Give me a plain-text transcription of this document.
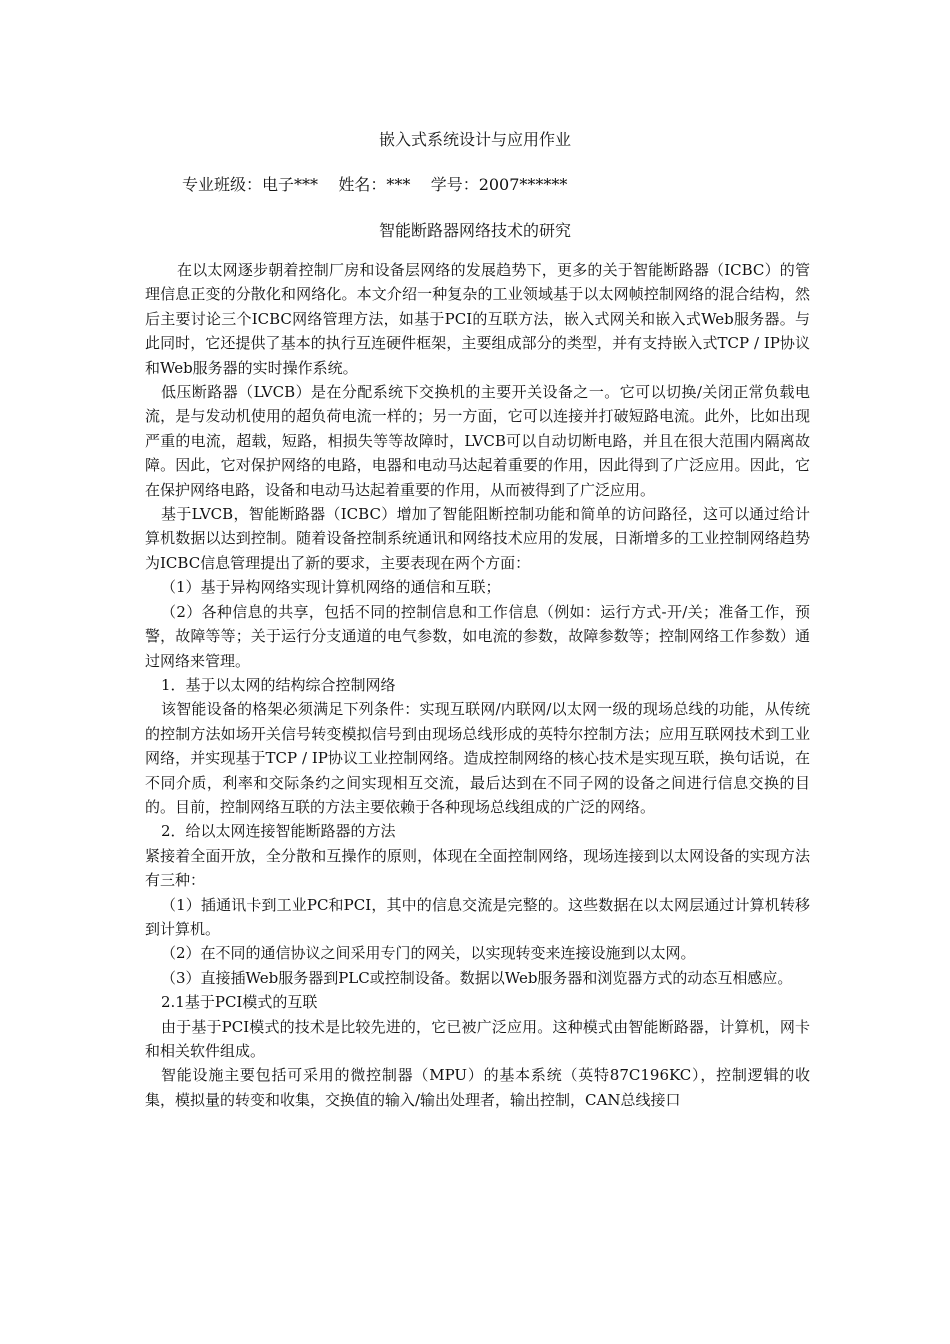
嵌入式系统设计与应用作业
专业班级：电子***    姓名：***    学号：2007******
智能断路器网络技术的研究

在以太网逐步朝着控制厂房和设备层网络的发展趋势下，更多的关于智能断路器（ICBC）的管理信息正变的分散化和网络化。本文介绍一种复杂的工业领域基于以太网帧控制网络的混合结构，然后主要讨论三个ICBC网络管理方法，如基于PCI的互联方法，嵌入式网关和嵌入式Web服务器。与此同时，它还提供了基本的执行互连硬件框架，主要组成部分的类型，并有支持嵌入式TCP / IP协议和Web服务器的实时操作系统。

低压断路器（LVCB）是在分配系统下交换机的主要开关设备之一。它可以切换/关闭正常负载电流，是与发动机使用的超负荷电流一样的；另一方面，它可以连接并打破短路电流。此外，比如出现严重的电流，超载，短路，相损失等等故障时，LVCB可以自动切断电路，并且在很大范围内隔离故障。因此，它对保护网络的电路，电器和电动马达起着重要的作用，因此得到了广泛应用。因此，它在保护网络电路，设备和电动马达起着重要的作用，从而被得到了广泛应用。

基于LVCB，智能断路器（ICBC）增加了智能阻断控制功能和简单的访问路径，这可以通过给计算机数据以达到控制。随着设备控制系统通讯和网络技术应用的发展，日渐增多的工业控制网络趋势为ICBC信息管理提出了新的要求，主要表现在两个方面：

（1）基于异构网络实现计算机网络的通信和互联；

（2）各种信息的共享，包括不同的控制信息和工作信息（例如：运行方式-开/关；准备工作，预警，故障等等；关于运行分支通道的电气参数，如电流的参数，故障参数等；控制网络工作参数）通过网络来管理。

1．基于以太网的结构综合控制网络

该智能设备的格架必须满足下列条件：实现互联网/内联网/以太网一级的现场总线的功能，从传统的控制方法如场开关信号转变模拟信号到由现场总线形成的英特尔控制方法；应用互联网技术到工业网络，并实现基于TCP / IP协议工业控制网络。造成控制网络的核心技术是实现互联，换句话说，在不同介质，利率和交际条约之间实现相互交流，最后达到在不同子网的设备之间进行信息交换的目的。目前，控制网络互联的方法主要依赖于各种现场总线组成的广泛的网络。

2．给以太网连接智能断路器的方法

紧接着全面开放，全分散和互操作的原则，体现在全面控制网络，现场连接到以太网设备的实现方法有三种：

（1）插通讯卡到工业PC和PCI，其中的信息交流是完整的。这些数据在以太网层通过计算机转移到计算机。

（2）在不同的通信协议之间采用专门的网关，以实现转变来连接设施到以太网。

（3）直接插Web服务器到PLC或控制设备。数据以Web服务器和浏览器方式的动态互相感应。

2.1基于PCI模式的互联

由于基于PCI模式的技术是比较先进的，它已被广泛应用。这种模式由智能断路器，计算机，网卡和相关软件组成。

智能设施主要包括可采用的微控制器（MPU）的基本系统（英特87C196KC），控制逻辑的收集，模拟量的转变和收集，交换值的输入/输出处理者，输出控制，CAN总线接口
